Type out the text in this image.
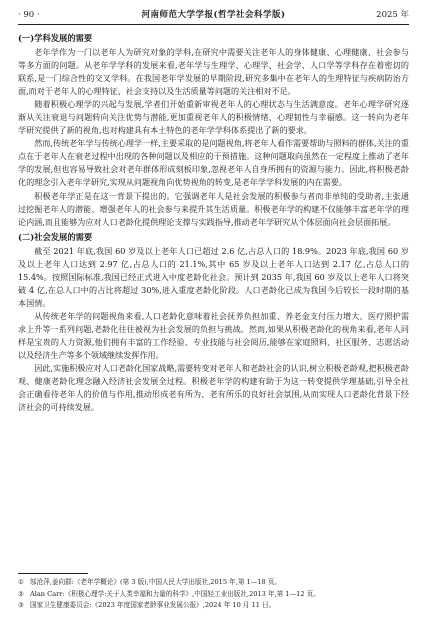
· 90 ·	河南师范大学学报(哲学社会科学版)	2025 年
(一)学科发展的需要

老年学作为一门以老年人为研究对象的学科,在研究中需要关注老年人的身体健康、心理健康、社会参与等多方面的问题。从老年学学科的发展来看,老年学与生理学、心理学、社会学、人口学等学科存在着密切的联系,是一门综合性的交叉学科。在我国老年学发展的早期阶段,研究多集中在老年人的生理特征与疾病防治方面,而对于老年人的心理特征、社会支持以及生活质量等问题的关注相对不足。

随着积极心理学的兴起与发展,学者们开始重新审视老年人的心理状态与生活满意度。老年心理学研究逐渐从关注衰退与问题转向关注优势与潜能,更加重视老年人的积极情绪、心理韧性与幸福感。这一转向为老年学研究提供了新的视角,也对构建具有本土特色的老年学学科体系提出了新的要求。

然而,传统老年学与传统心理学一样,主要采取的是问题视角,将老年人看作需要帮助与照料的群体,关注的重点在于老年人在衰老过程中出现的各种问题以及相应的干预措施。这种问题取向虽然在一定程度上推动了老年学的发展,但也容易导致社会对老年群体形成刻板印象,忽视老年人自身所拥有的资源与能力。因此,将积极老龄化的理念引入老年学研究,实现从问题视角向优势视角的转变,是老年学学科发展的内在需要。

积极老年学正是在这一背景下提出的。它强调老年人是社会发展的积极参与者而非单纯的受助者,主张通过挖掘老年人的潜能、增强老年人的社会参与来提升其生活质量。积极老年学的构建不仅能够丰富老年学的理论内涵,而且能够为应对人口老龄化提供理论支撑与实践指导,推动老年学研究从个体层面向社会层面拓展。

(二)社会发展的需要

截至 2021 年底,我国 60 岁及以上老年人口已超过 2.6 亿,占总人口的 18.9%。2023 年底,我国 60 岁及以上老年人口达到 2.97 亿,占总人口的 21.1%,其中 65 岁及以上老年人口达到 2.17 亿,占总人口的 15.4%。按照国际标准,我国已经正式进入中度老龄化社会。预计到 2035 年,我国 60 岁及以上老年人口将突破 4 亿,在总人口中的占比将超过 30%,进入重度老龄化阶段。人口老龄化已成为我国今后较长一段时期的基本国情。

从传统老年学的问题视角来看,人口老龄化意味着社会抚养负担加重、养老金支付压力增大、医疗照护需求上升等一系列问题,老龄化往往被视为社会发展的负担与挑战。然而,如果从积极老龄化的视角来看,老年人同样是宝贵的人力资源,他们拥有丰富的工作经验、专业技能与社会阅历,能够在家庭照料、社区服务、志愿活动以及经济生产等多个领域继续发挥作用。

因此,实施积极应对人口老龄化国家战略,需要转变对老年人和老龄社会的认识,树立积极老龄观,把积极老龄观、健康老龄化理念融入经济社会发展全过程。积极老年学的构建有助于为这一转变提供学理基础,引导全社会正确看待老年人的价值与作用,推动形成老有所为、老有所乐的良好社会氛围,从而实现人口老龄化背景下经济社会的可持续发展。

① 邬沧萍,姜向群:《老年学概论》(第 3 版),中国人民大学出版社,2015 年,第 1—18 页。
② Alan Carr:《积极心理学:关于人类幸福和力量的科学》,中国轻工业出版社,2013 年,第 1—12 页。
③ 国家卫生健康委员会:《2023 年度国家老龄事业发展公报》,2024 年 10 月 11 日。
